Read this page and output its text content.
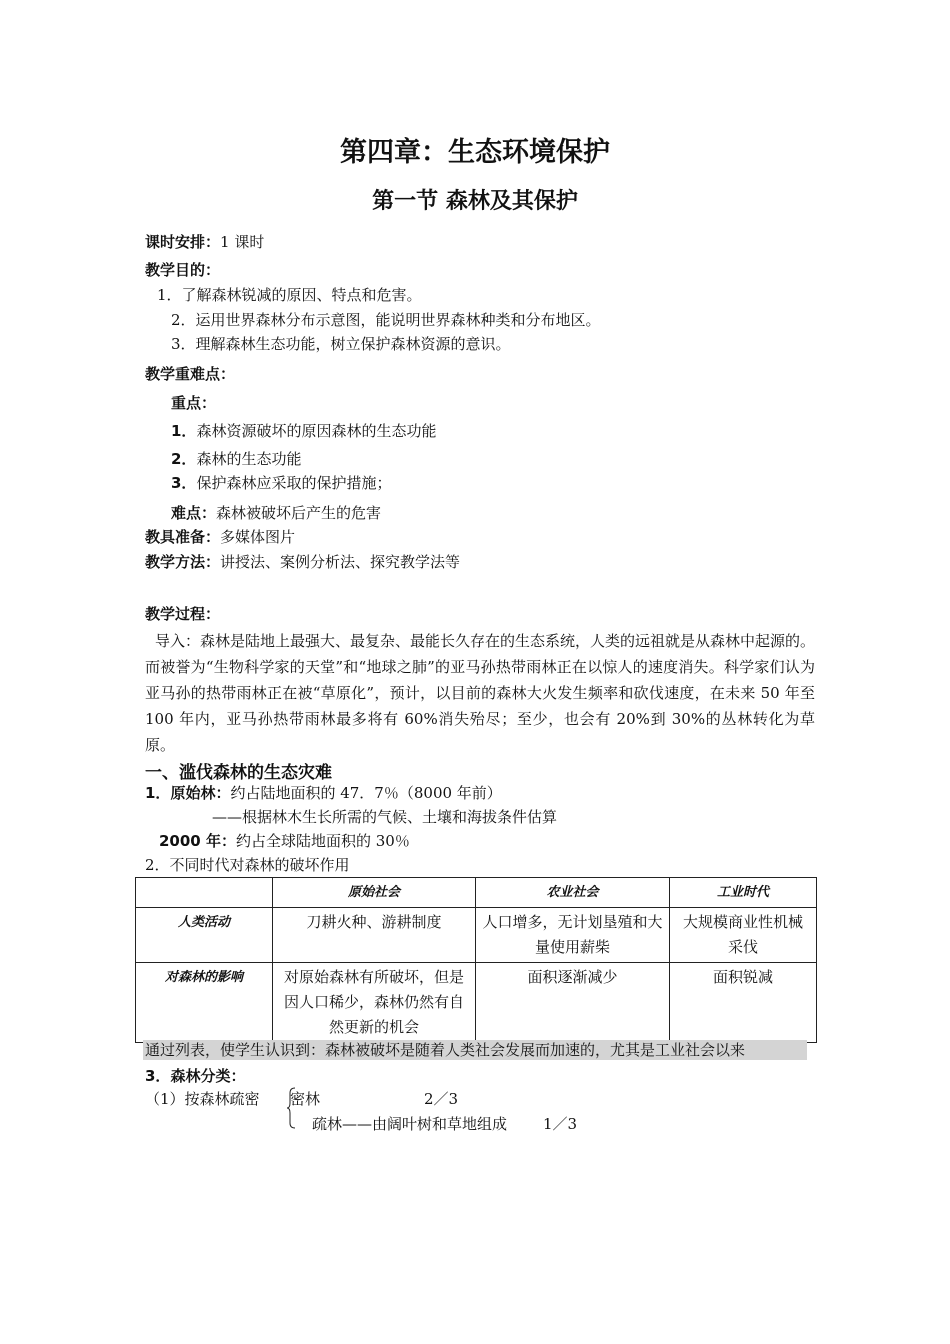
第四章：生态环境保护
第一节 森林及其保护
课时安排：1 课时
教学目的：
1．了解森林锐减的原因、特点和危害。
2．运用世界森林分布示意图，能说明世界森林种类和分布地区。
3．理解森林生态功能，树立保护森林资源的意识。
教学重难点：
重点：
1．森林资源破坏的原因森林的生态功能
2．森林的生态功能
3．保护森林应采取的保护措施；
难点：森林被破坏后产生的危害
教具准备：多媒体图片
教学方法：讲授法、案例分析法、探究教学法等
教学过程：
导入：森林是陆地上最强大、最复杂、最能长久存在的生态系统，人类的远祖就是从森林中起源的。而被誉为“生物科学家的天堂”和“地球之肺”的亚马孙热带雨林正在以惊人的速度消失。科学家们认为亚马孙的热带雨林正在被“草原化”，预计，以目前的森林大火发生频率和砍伐速度，在未来 50 年至 100 年内，亚马孙热带雨林最多将有 60%消失殆尽；至少，也会有 20%到 30%的丛林转化为草原。
一、滥伐森林的生态灾难
1．原始林：约占陆地面积的 47．7％（8000 年前）
——根据林木生长所需的气候、土壤和海拔条件估算
2000 年：约占全球陆地面积的 30％
2．不同时代对森林的破坏作用
	原始社会	农业社会	工业时代
人类活动	刀耕火种、游耕制度	人口增多，无计划垦殖和大量使用薪柴	大规模商业性机械采伐
对森林的影响	对原始森林有所破坏，但是因人口稀少，森林仍然有自然更新的机会	面积逐渐减少	面积锐减
通过列表，使学生认识到：森林被破坏是随着人类社会发展而加速的，尤其是工业社会以来
3．森林分类：
（1）按森林疏密 密林	2／3
疏林——由阔叶树和草地组成 1／3
